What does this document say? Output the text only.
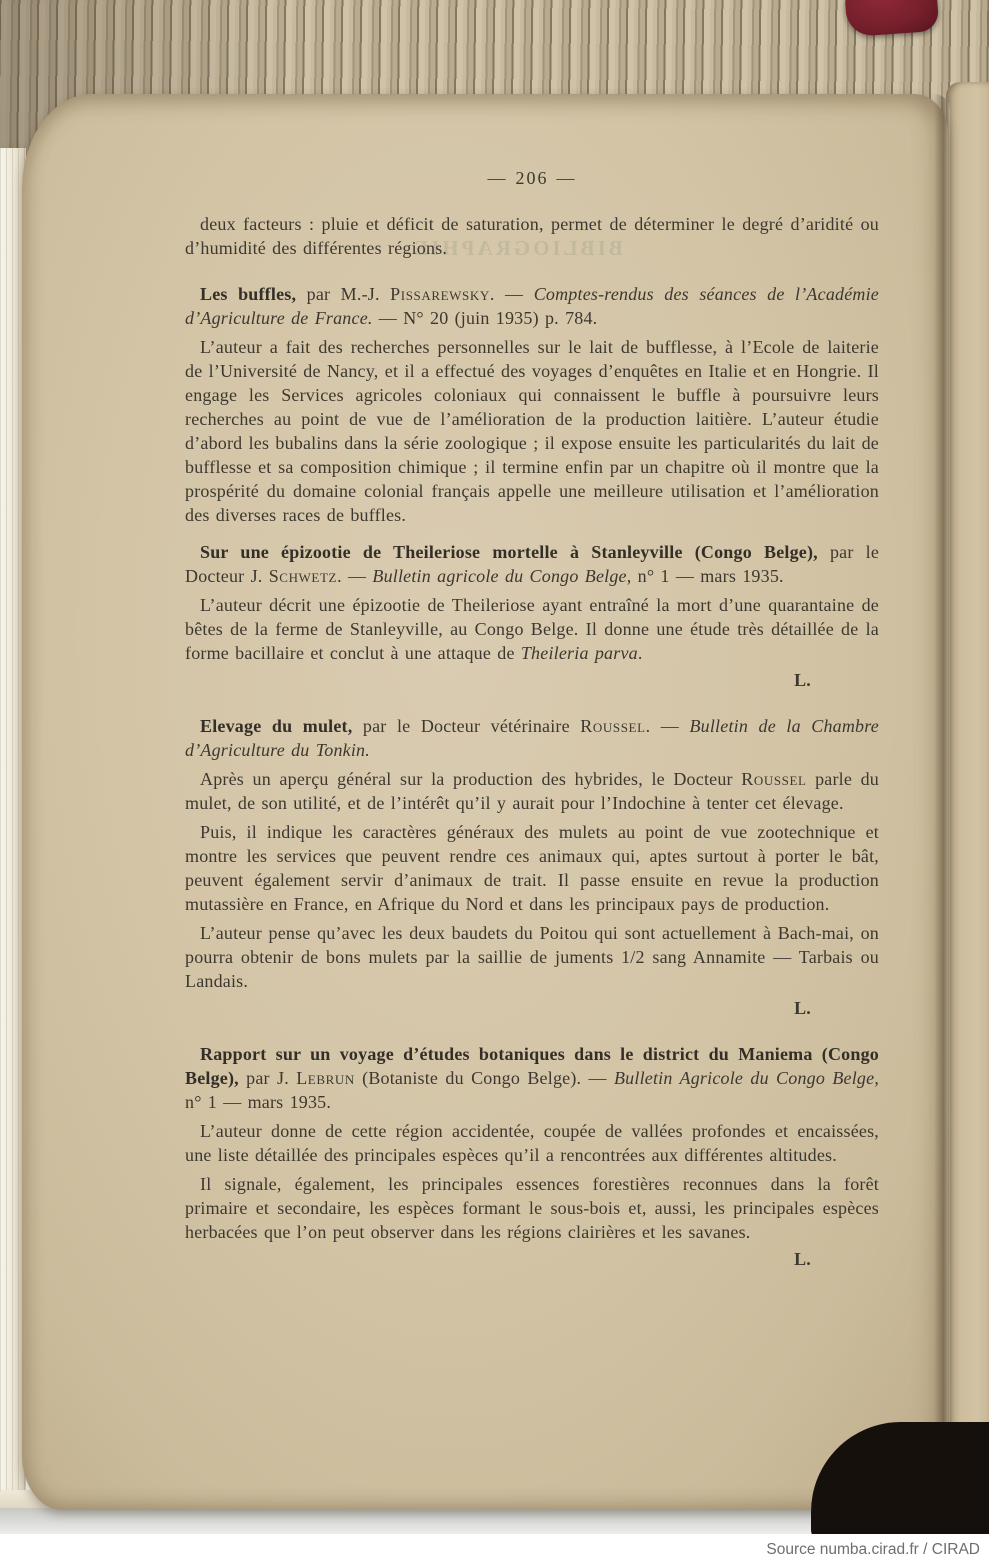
BIBLIOGRAPHIE
— 206 —

deux facteurs : pluie et déficit de saturation, permet de déterminer le degré d’aridité ou d’humidité des différentes régions.

Les buffles, par M.-J. Pissarewsky. — Comptes-rendus des séances de l’Académie d’Agriculture de France. — N° 20 (juin 1935) p. 784.

L’auteur a fait des recherches personnelles sur le lait de bufflesse, à l’Ecole de laiterie de l’Université de Nancy, et il a effectué des voyages d’enquêtes en Italie et en Hongrie. Il engage les Services agricoles coloniaux qui connaissent le buffle à poursuivre leurs recherches au point de vue de l’amélioration de la production laitière. L’auteur étudie d’abord les bubalins dans la série zoologique ; il expose ensuite les particularités du lait de bufflesse et sa composition chimique ; il termine enfin par un chapitre où il montre que la prospérité du domaine colonial français appelle une meilleure utilisation et l’amélioration des diverses races de buffles.

Sur une épizootie de Theileriose mortelle à Stanleyville (Congo Belge), par le Docteur J. Schwetz. — Bulletin agricole du Congo Belge, n° 1 — mars 1935.

L’auteur décrit une épizootie de Theileriose ayant entraîné la mort d’une quarantaine de bêtes de la ferme de Stanleyville, au Congo Belge. Il donne une étude très détaillée de la forme bacillaire et conclut à une attaque de Theileria parva.

L.

Elevage du mulet, par le Docteur vétérinaire Roussel. — Bulletin de la Chambre d’Agriculture du Tonkin.

Après un aperçu général sur la production des hybrides, le Docteur Roussel parle du mulet, de son utilité, et de l’intérêt qu’il y aurait pour l’Indochine à tenter cet élevage.

Puis, il indique les caractères généraux des mulets au point de vue zootechnique et montre les services que peuvent rendre ces animaux qui, aptes surtout à porter le bât, peuvent également servir d’animaux de trait. Il passe ensuite en revue la production mutassière en France, en Afrique du Nord et dans les principaux pays de production.

L’auteur pense qu’avec les deux baudets du Poitou qui sont actuellement à Bach-mai, on pourra obtenir de bons mulets par la saillie de juments 1/2 sang Annamite — Tarbais ou Landais.

L.

Rapport sur un voyage d’études botaniques dans le district du Maniema (Congo Belge), par J. Lebrun (Botaniste du Congo Belge). — Bulletin Agricole du Congo Belge, n° 1 — mars 1935.

L’auteur donne de cette région accidentée, coupée de vallées profondes et encaissées, une liste détaillée des principales espèces qu’il a rencontrées aux différentes altitudes.

Il signale, également, les principales essences forestières reconnues dans la forêt primaire et secondaire, les espèces formant le sous-bois et, aussi, les principales espèces herbacées que l’on peut observer dans les régions clairières et les savanes.

L.

Source numba.cirad.fr / CIRAD
